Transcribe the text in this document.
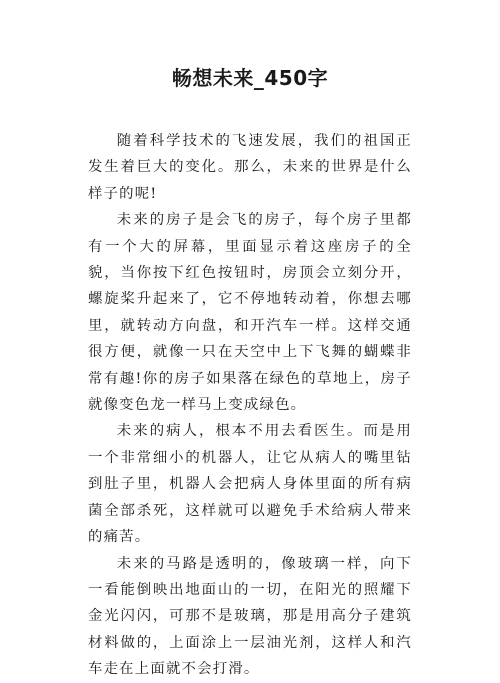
畅想未来_450字

随着科学技术的飞速发展，我们的祖国正发生着巨大的变化。那么，未来的世界是什么样子的呢!

未来的房子是会飞的房子，每个房子里都有一个大的屏幕，里面显示着这座房子的全貌，当你按下红色按钮时，房顶会立刻分开，螺旋桨升起来了，它不停地转动着，你想去哪里，就转动方向盘，和开汽车一样。这样交通很方便，就像一只在天空中上下飞舞的蝴蝶非常有趣!你的房子如果落在绿色的草地上，房子就像变色龙一样马上变成绿色。

未来的病人，根本不用去看医生。而是用一个非常细小的机器人，让它从病人的嘴里钻到肚子里，机器人会把病人身体里面的所有病菌全部杀死，这样就可以避免手术给病人带来的痛苦。

未来的马路是透明的，像玻璃一样，向下一看能倒映出地面山的一切，在阳光的照耀下金光闪闪，可那不是玻璃，那是用高分子建筑材料做的，上面涂上一层油光剂，这样人和汽车走在上面就不会打滑。
